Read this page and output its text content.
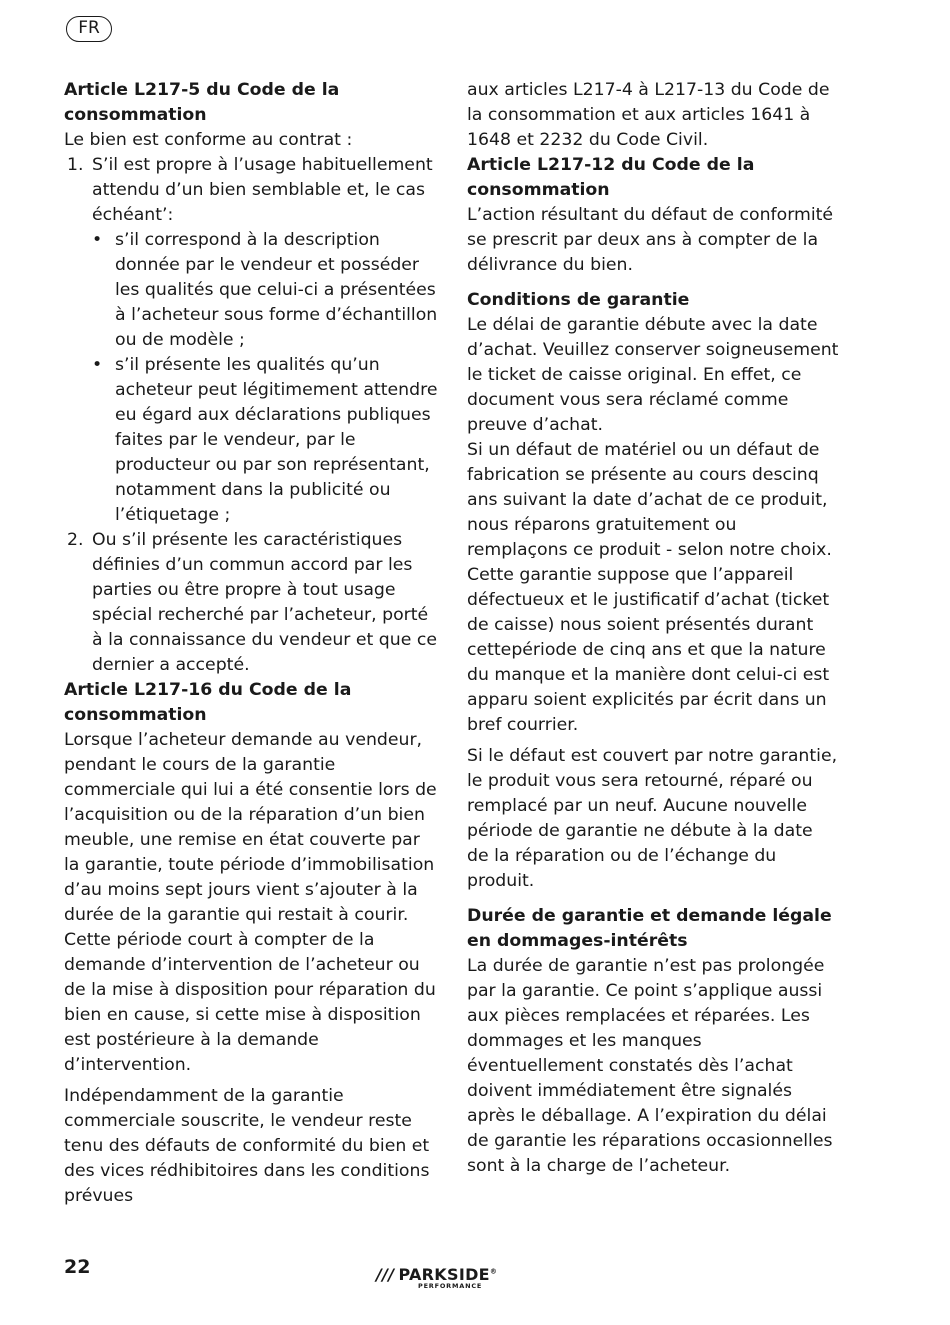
FR
Article L217-5 du Code de la consommation

Le bien est conforme au contrat :

1. S’il est propre à l’usage habituellement attendu d’un bien semblable et, le cas échéant’:
• s’il correspond à la description donnée par le vendeur et posséder les qualités que celui-ci a présentées à l’acheteur sous forme d’échantillon ou de modèle ;
• s’il présente les qualités qu’un acheteur peut légitimement attendre eu égard aux déclarations publiques faites par le vendeur, par le producteur ou par son représentant, notamment dans la publicité ou l’étiquetage ;
2. Ou s’il présente les caractéristiques définies d’un commun accord par les parties ou être propre à tout usage spécial recherché par l’acheteur, porté à la connaissance du vendeur et que ce dernier a accepté.
Article L217-16 du Code de la consommation

Lorsque l’acheteur demande au vendeur, pendant le cours de la garantie commerciale qui lui a été consentie lors de l’acquisition ou de la réparation d’un bien meuble, une remise en état couverte par la garantie, toute période d’immobilisation d’au moins sept jours vient s’ajouter à la durée de la garantie qui restait à courir. Cette période court à compter de la demande d’intervention de l’acheteur ou de la mise à disposition pour réparation du bien en cause, si cette mise à disposition est postérieure à la demande d’intervention.

Indépendamment de la garantie commerciale souscrite, le vendeur reste tenu des défauts de conformité du bien et des vices rédhibitoires dans les conditions prévues

aux articles L217-4 à L217-13 du Code de la consommation et aux articles 1641 à 1648 et 2232 du Code Civil.

Article L217-12 du Code de la consommation

L’action résultant du défaut de conformité se prescrit par deux ans à compter de la délivrance du bien.

Conditions de garantie

Le délai de garantie débute avec la date d’achat. Veuillez conserver soigneusement le ticket de caisse original. En effet, ce document vous sera réclamé comme preuve d’achat.

Si un défaut de matériel ou un défaut de fabrication se présente au cours descinq ans suivant la date d’achat de ce produit, nous réparons gratuitement ou remplaçons ce produit - selon notre choix. Cette garantie suppose que l’appareil défectueux et le justificatif d’achat (ticket de caisse) nous soient présentés durant cettepériode de cinq ans et que la nature du manque et la manière dont celui-ci est apparu soient explicités par écrit dans un bref courrier.

Si le défaut est couvert par notre garantie, le produit vous sera retourné, réparé ou remplacé par un neuf. Aucune nouvelle période de garantie ne débute à la date de la réparation ou de l’échange du produit.

Durée de garantie et demande légale en dommages-intérêts

La durée de garantie n’est pas prolongée par la garantie. Ce point s’applique aussi aux pièces remplacées et réparées. Les dommages et les manques éventuellement constatés dès l’achat doivent immédiatement être signalés après le déballage. A l’expiration du délai de garantie les réparations occasionnelles sont à la charge de l’acheteur.

22	/// PARKSIDE®
PERFORMANCE
